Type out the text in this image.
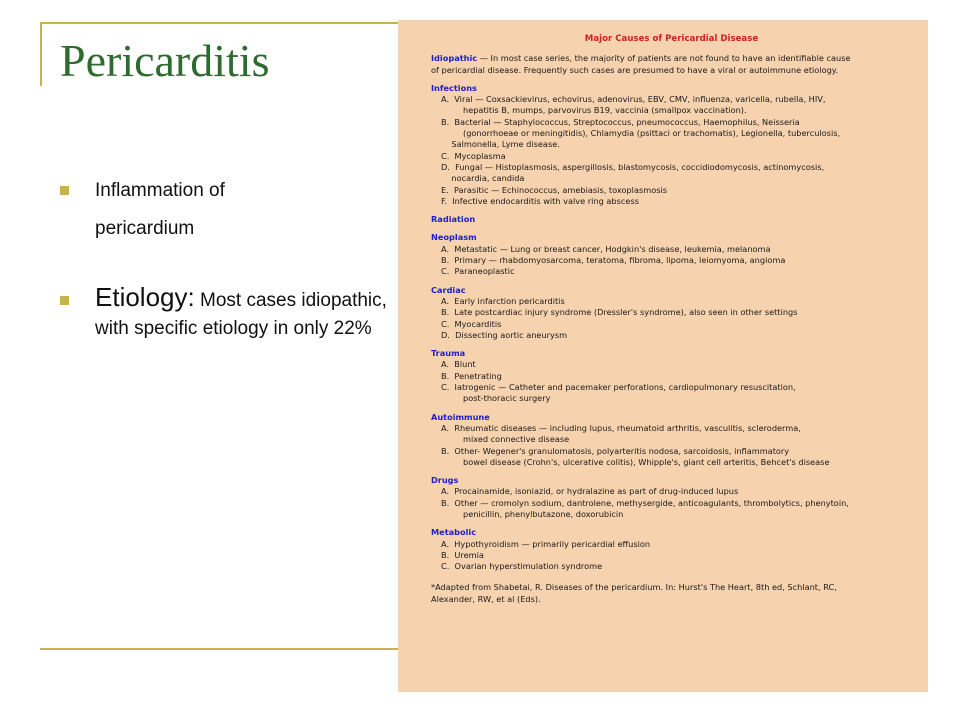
Pericarditis
Inflammation of
pericardium
Etiology: Most cases idiopathic, with specific etiology in only 22%
Major Causes of Pericardial Disease
Idiopathic — In most case series, the majority of patients are not found to have an identifiable cause
of pericardial disease. Frequently such cases are presumed to have a viral or autoimmune etiology.
Infections
A.  Viral — Coxsackievirus, echovirus, adenovirus, EBV, CMV, influenza, varicella, rubella, HIV,
hepatitis B, mumps, parvovirus B19, vaccinia (smallpox vaccination).
B.  Bacterial — Staphylococcus, Streptococcus, pneumococcus, Haemophilus, Neisseria
(gonorrhoeae or meningitidis), Chlamydia (psittaci or trachomatis), Legionella, tuberculosis,
Salmonella, Lyme disease.
C.  Mycoplasma
D.  Fungal — Histoplasmosis, aspergillosis, blastomycosis, coccidiodomycosis, actinomycosis,
nocardia, candida
E.  Parasitic — Echinococcus, amebiasis, toxoplasmosis
F.  Infective endocarditis with valve ring abscess
Radiation
Neoplasm
A.  Metastatic — Lung or breast cancer, Hodgkin's disease, leukemia, melanoma
B.  Primary — rhabdomyosarcoma, teratoma, fibroma, lipoma, leiomyoma, angioma
C.  Paraneoplastic
Cardiac
A.  Early infarction pericarditis
B.  Late postcardiac injury syndrome (Dressler's syndrome), also seen in other settings
C.  Myocarditis
D.  Dissecting aortic aneurysm
Trauma
A.  Blunt
B.  Penetrating
C.  Iatrogenic — Catheter and pacemaker perforations, cardiopulmonary resuscitation,
post-thoracic surgery
Autoimmune
A.  Rheumatic diseases — including lupus, rheumatoid arthritis, vasculitis, scleroderma,
mixed connective disease
B.  Other- Wegener's granulomatosis, polyarteritis nodosa, sarcoidosis, inflammatory
bowel disease (Crohn's, ulcerative colitis), Whipple's, giant cell arteritis, Behcet's disease
Drugs
A.  Procainamide, isoniazid, or hydralazine as part of drug-induced lupus
B.  Other — cromolyn sodium, dantrolene, methysergide, anticoagulants, thrombolytics, phenytoin,
penicillin, phenylbutazone, doxorubicin
Metabolic
A.  Hypothyroidism — primarily pericardial effusion
B.  Uremia
C.  Ovarian hyperstimulation syndrome
*Adapted from Shabetai, R. Diseases of the pericardium. In: Hurst's The Heart, 8th ed, Schlant, RC,
Alexander, RW, et al (Eds).
